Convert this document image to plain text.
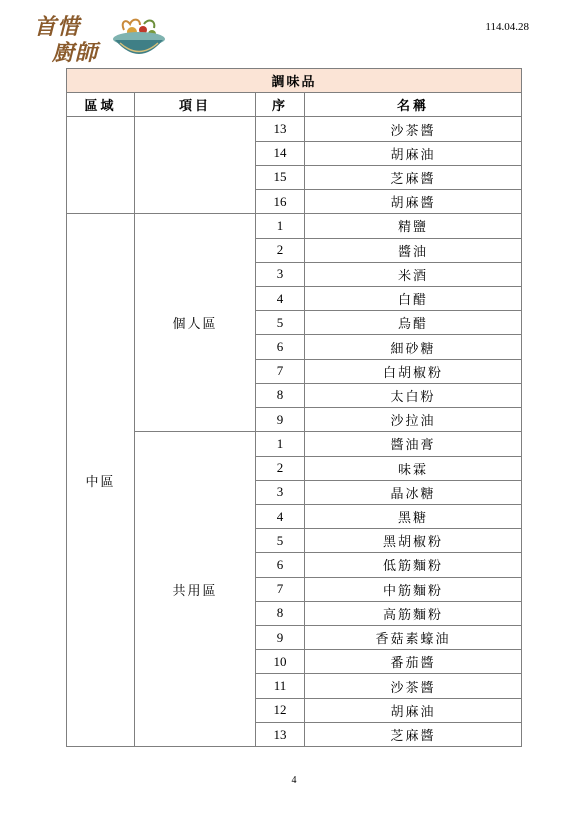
首惜
廚師
114.04.28
調味品			
區域	項目	序	名稱
		13	沙茶醬
		14	胡麻油
		15	芝麻醬
		16	胡麻醬
中區	個人區	1	精鹽
		2	醬油
		3	米酒
		4	白醋
		5	烏醋
		6	細砂糖
		7	白胡椒粉
		8	太白粉
		9	沙拉油
	共用區	1	醬油膏
		2	味霖
		3	晶冰糖
		4	黑糖
		5	黑胡椒粉
		6	低筋麵粉
		7	中筋麵粉
		8	高筋麵粉
		9	香菇素蠔油
		10	番茄醬
		11	沙茶醬
		12	胡麻油
		13	芝麻醬
4
